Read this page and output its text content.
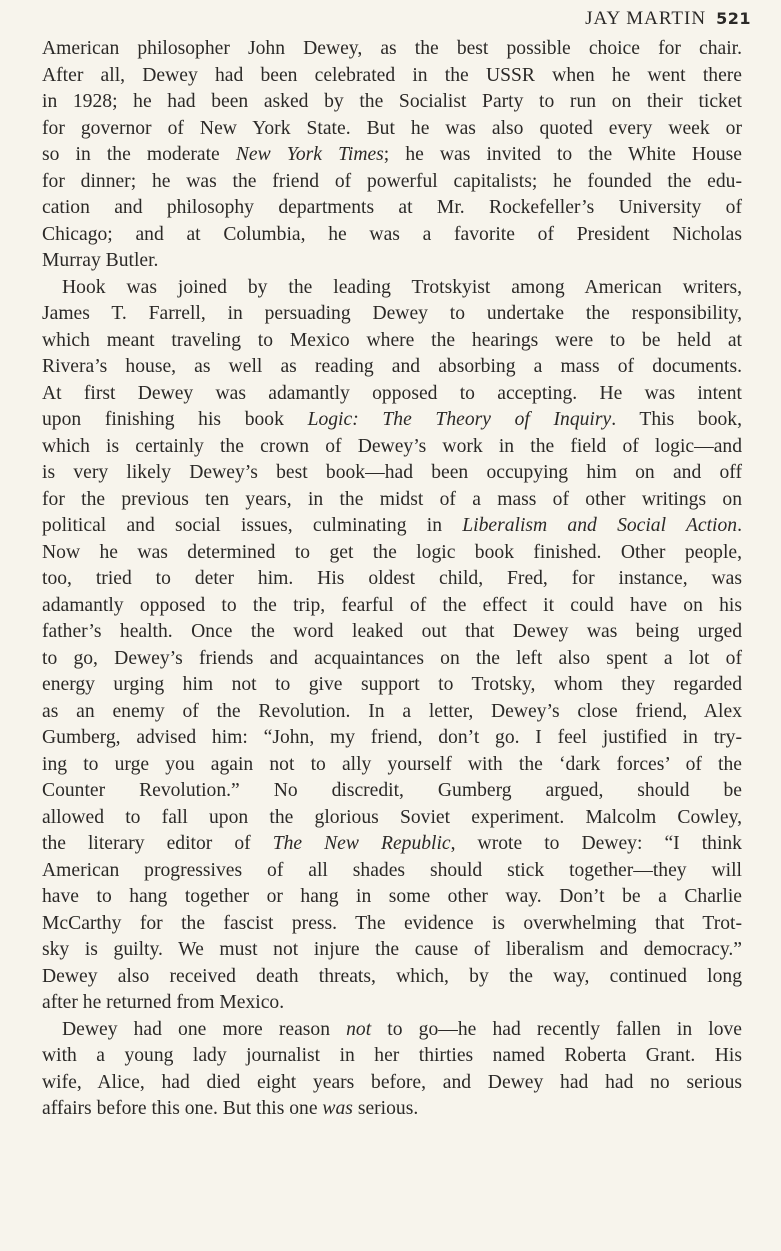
JAY MARTIN 521
American philosopher John Dewey, as the best possible choice for chair.
After all, Dewey had been celebrated in the USSR when he went there
in 1928; he had been asked by the Socialist Party to run on their ticket
for governor of New York State. But he was also quoted every week or
so in the moderate New York Times; he was invited to the White House
for dinner; he was the friend of powerful capitalists; he founded the edu-
cation and philosophy departments at Mr. Rockefeller’s University of
Chicago; and at Columbia, he was a favorite of President Nicholas
Murray Butler.
Hook was joined by the leading Trotskyist among American writers,
James T. Farrell, in persuading Dewey to undertake the responsibility,
which meant traveling to Mexico where the hearings were to be held at
Rivera’s house, as well as reading and absorbing a mass of documents.
At first Dewey was adamantly opposed to accepting. He was intent
upon finishing his book Logic: The Theory of Inquiry. This book,
which is certainly the crown of Dewey’s work in the field of logic—and
is very likely Dewey’s best book—had been occupying him on and off
for the previous ten years, in the midst of a mass of other writings on
political and social issues, culminating in Liberalism and Social Action.
Now he was determined to get the logic book finished. Other people,
too, tried to deter him. His oldest child, Fred, for instance, was
adamantly opposed to the trip, fearful of the effect it could have on his
father’s health. Once the word leaked out that Dewey was being urged
to go, Dewey’s friends and acquaintances on the left also spent a lot of
energy urging him not to give support to Trotsky, whom they regarded
as an enemy of the Revolution. In a letter, Dewey’s close friend, Alex
Gumberg, advised him: “John, my friend, don’t go. I feel justified in try-
ing to urge you again not to ally yourself with the ‘dark forces’ of the
Counter Revolution.” No discredit, Gumberg argued, should be
allowed to fall upon the glorious Soviet experiment. Malcolm Cowley,
the literary editor of The New Republic, wrote to Dewey: “I think
American progressives of all shades should stick together—they will
have to hang together or hang in some other way. Don’t be a Charlie
McCarthy for the fascist press. The evidence is overwhelming that Trot-
sky is guilty. We must not injure the cause of liberalism and democracy.”
Dewey also received death threats, which, by the way, continued long
after he returned from Mexico.
Dewey had one more reason not to go—he had recently fallen in love
with a young lady journalist in her thirties named Roberta Grant. His
wife, Alice, had died eight years before, and Dewey had had no serious
affairs before this one. But this one was serious.
